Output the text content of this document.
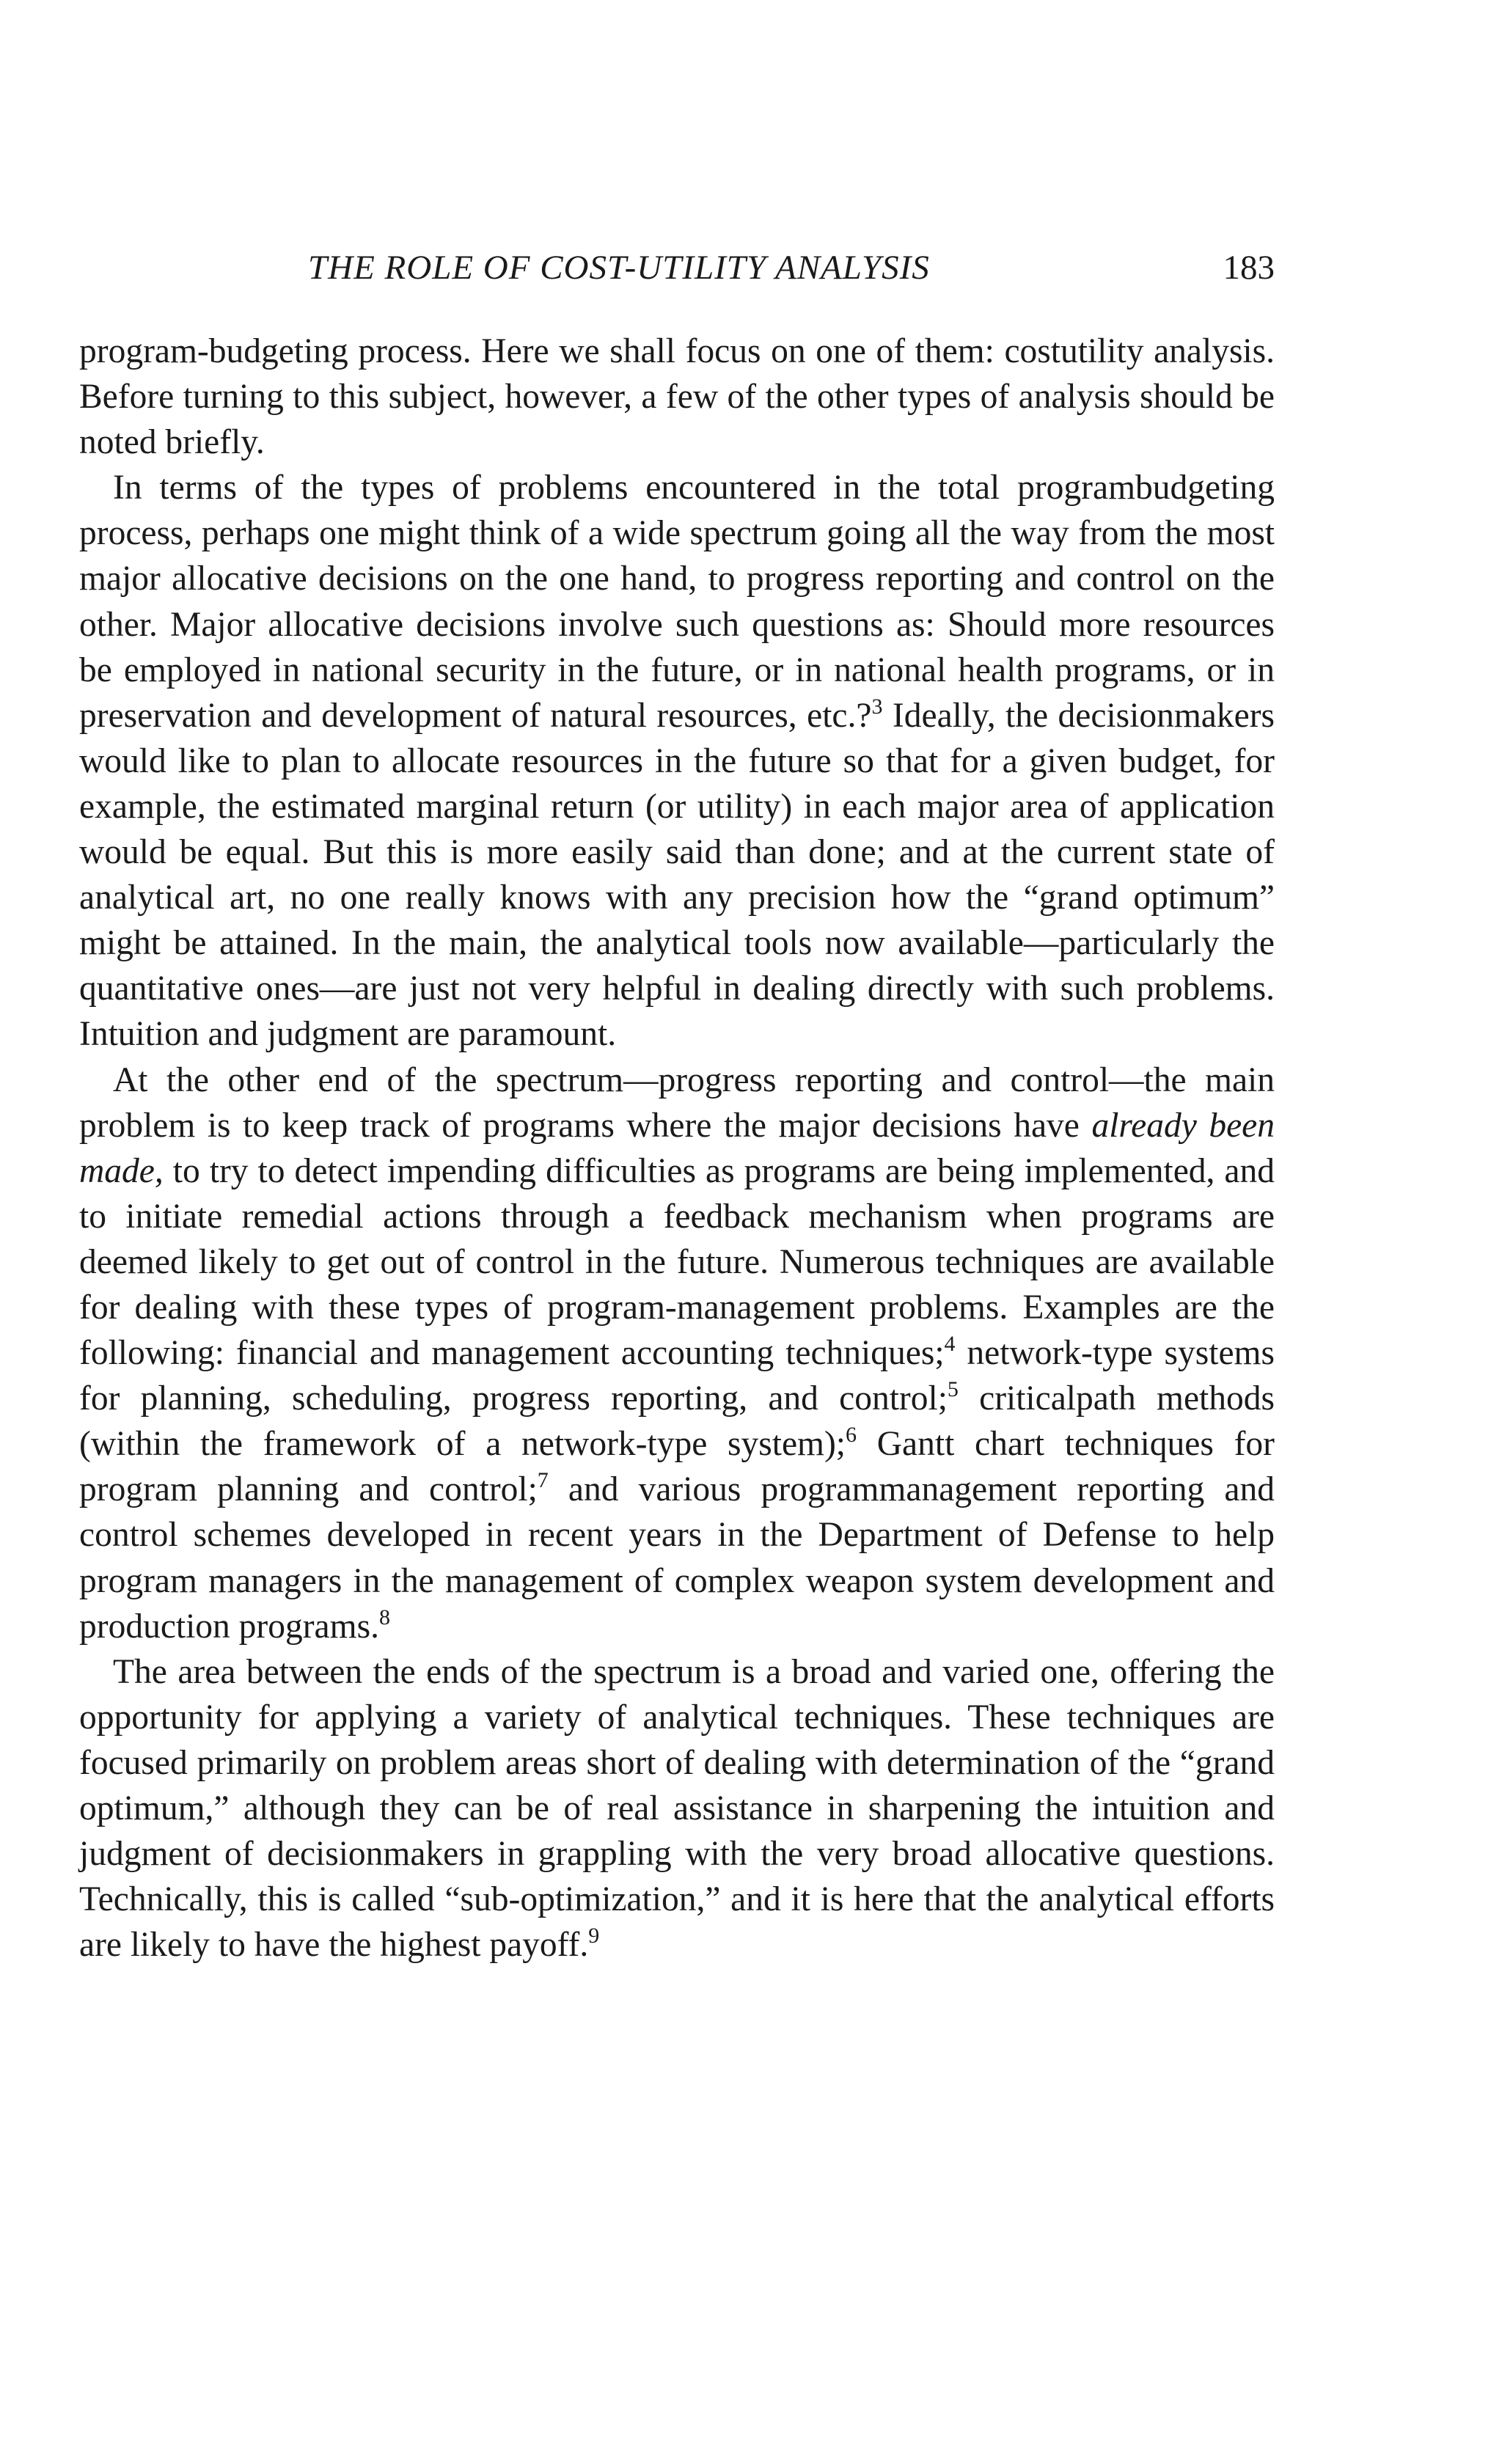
THE ROLE OF COST-UTILITY ANALYSIS	183

program-budgeting process. Here we shall focus on one of them: costutility analysis. Before turning to this subject, however, a few of the other types of analysis should be noted briefly.

In terms of the types of problems encountered in the total programbudgeting process, perhaps one might think of a wide spectrum going all the way from the most major allocative decisions on the one hand, to progress reporting and control on the other. Major allocative decisions involve such questions as: Should more resources be employed in national security in the future, or in national health programs, or in preservation and development of natural resources, etc.?$^3$ Ideally, the decisionmakers would like to plan to allocate resources in the future so that for a given budget, for example, the estimated marginal return (or utility) in each major area of application would be equal. But this is more easily said than done; and at the current state of analytical art, no one really knows with any precision how the “grand optimum” might be attained. In the main, the analytical tools now available—particularly the quantitative ones—are just not very helpful in dealing directly with such problems. Intuition and judgment are paramount.

At the other end of the spectrum—progress reporting and control—the main problem is to keep track of programs where the major decisions have already been made, to try to detect impending difficulties as programs are being implemented, and to initiate remedial actions through a feedback mechanism when programs are deemed likely to get out of control in the future. Numerous techniques are available for dealing with these types of program-management problems. Examples are the following: financial and management accounting techniques;$^4$ network-type systems for planning, scheduling, progress reporting, and control;$^5$ criticalpath methods (within the framework of a network-type system);$^6$ Gantt chart techniques for program planning and control;$^7$ and various programmanagement reporting and control schemes developed in recent years in the Department of Defense to help program managers in the management of complex weapon system development and production programs.$^8$

The area between the ends of the spectrum is a broad and varied one, offering the opportunity for applying a variety of analytical techniques. These techniques are focused primarily on problem areas short of dealing with determination of the “grand optimum,” although they can be of real assistance in sharpening the intuition and judgment of decisionmakers in grappling with the very broad allocative questions. Technically, this is called “sub-optimization,” and it is here that the analytical efforts are likely to have the highest payoff.$^9$
